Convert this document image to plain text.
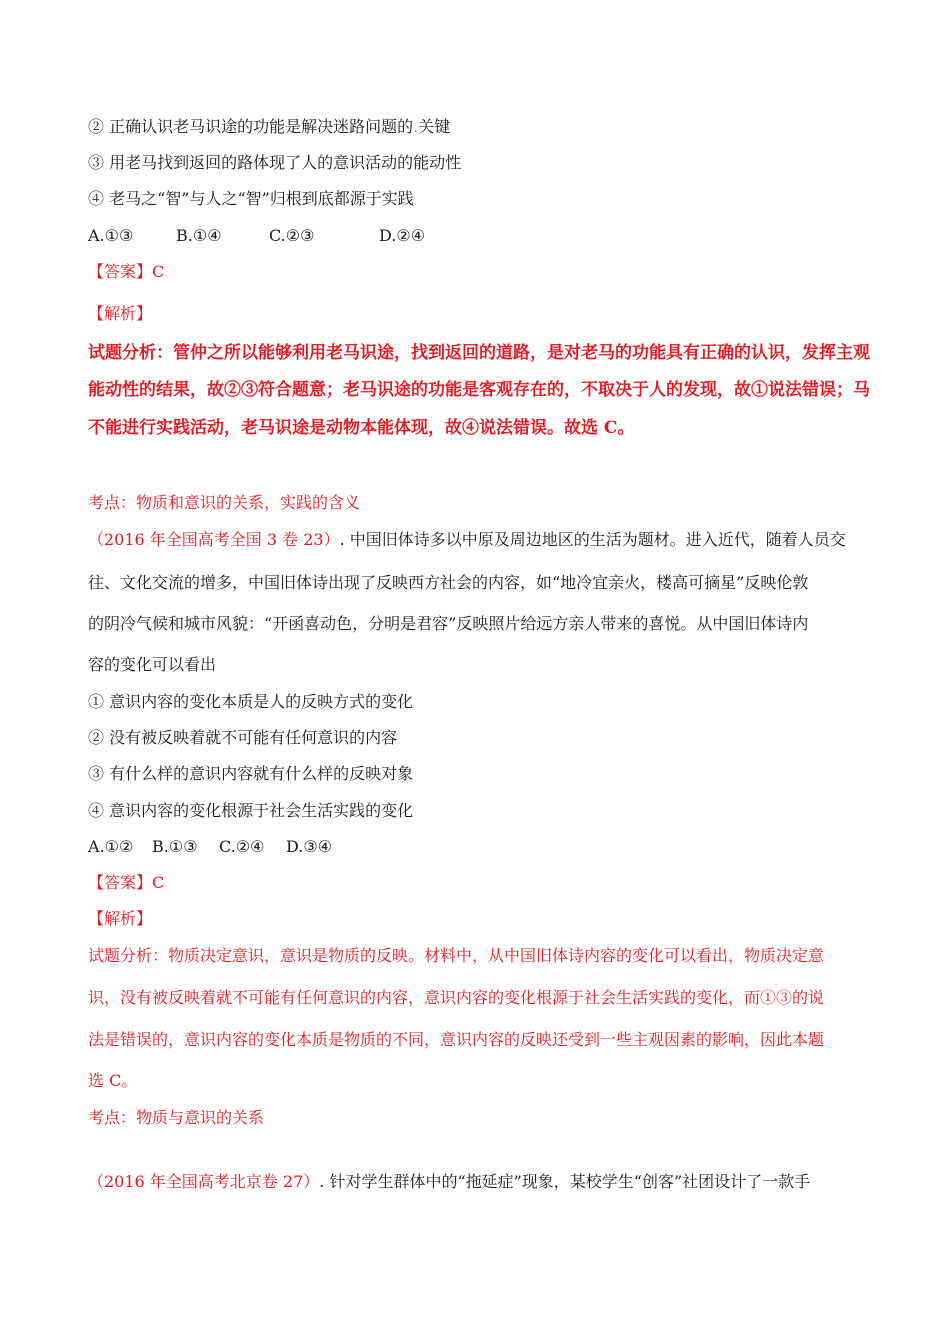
② 正确认识老马识途的功能是解决迷路问题的.关键
③ 用老马找到返回的路体现了人的意识活动的能动性
④ 老马之“智”与人之“智”归根到底都源于实践
A.①③	B.①④	C.②③	D.②④
【答案】C
【解析】
试题分析：管仲之所以能够利用老马识途，找到返回的道路，是对老马的功能具有正确的认识，发挥主观
能动性的结果，故②③符合题意；老马识途的功能是客观存在的，不取决于人的发现，故①说法错误；马
不能进行实践活动，老马识途是动物本能体现，故④说法错误。故选 C。
考点：物质和意识的关系，实践的含义
（2016 年全国高考全国 3 卷 23）. 中国旧体诗多以中原及周边地区的生活为题材。进入近代，随着人员交
往、文化交流的增多，中国旧体诗出现了反映西方社会的内容，如“地冷宜亲火，楼高可摘星”反映伦敦
的阴冷气候和城市风貌：“开函喜动色，分明是君容”反映照片给远方亲人带来的喜悦。从中国旧体诗内
容的变化可以看出
① 意识内容的变化本质是人的反映方式的变化
② 没有被反映着就不可能有任何意识的内容
③ 有什么样的意识内容就有什么样的反映对象
④ 意识内容的变化根源于社会生活实践的变化
A.①② B.①③ C.②④ D.③④
【答案】C
【解析】
试题分析：物质决定意识，意识是物质的反映。材料中，从中国旧体诗内容的变化可以看出，物质决定意
识，没有被反映着就不可能有任何意识的内容，意识内容的变化根源于社会生活实践的变化，而①③的说
法是错误的，意识内容的变化本质是物质的不同，意识内容的反映还受到一些主观因素的影响，因此本题
选 C。
考点：物质与意识的关系
（2016 年全国高考北京卷 27）. 针对学生群体中的“拖延症”现象，某校学生“创客”社团设计了一款手
